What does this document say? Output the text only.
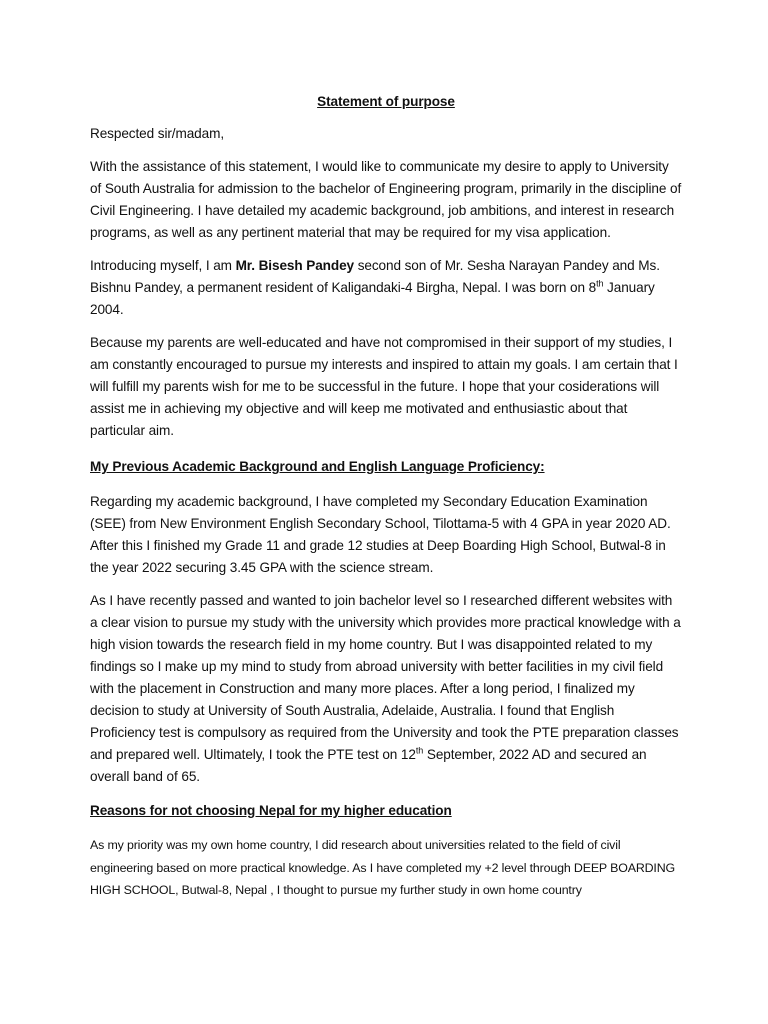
Statement of purpose
Respected sir/madam,
With the assistance of this statement, I would like to communicate my desire to apply to University of South Australia for admission to the bachelor of Engineering program, primarily in the discipline of Civil Engineering. I have detailed my academic background, job ambitions, and interest in research programs, as well as any pertinent material that may be required for my visa application.
Introducing myself, I am Mr. Bisesh Pandey second son of Mr. Sesha Narayan Pandey and Ms. Bishnu Pandey, a permanent resident of Kaligandaki-4 Birgha, Nepal. I was born on 8th January 2004.
Because my parents are well-educated and have not compromised in their support of my studies, I am constantly encouraged to pursue my interests and inspired to attain my goals. I am certain that I will fulfill my parents wish for me to be successful in the future. I hope that your cosiderations will assist me in achieving my objective and will keep me motivated and enthusiastic about that particular aim.
My Previous Academic Background and English Language Proficiency:
Regarding my academic background, I have completed my Secondary Education Examination (SEE) from New Environment English Secondary School, Tilottama-5 with 4 GPA in year 2020 AD. After this I finished my Grade 11 and grade 12 studies at Deep Boarding High School, Butwal-8 in the year 2022 securing 3.45 GPA with the science stream.
As I have recently passed and wanted to join bachelor level so I researched different websites with a clear vision to pursue my study with the university which provides more practical knowledge with a high vision towards the research field in my home country. But I was disappointed related to my findings so I make up my mind to study from abroad university with better facilities in my civil field with the placement in Construction and many more places. After a long period, I finalized my decision to study at University of South Australia, Adelaide, Australia. I found that English Proficiency test is compulsory as required from the University and took the PTE preparation classes and prepared well. Ultimately, I took the PTE test on 12th September, 2022 AD and secured an overall band of 65.
Reasons for not choosing Nepal for my higher education
As my priority was my own home country, I did research about universities related to the field of civil engineering based on more practical knowledge. As I have completed my +2 level through DEEP BOARDING HIGH SCHOOL, Butwal-8, Nepal , I thought to pursue my further study in own home country
